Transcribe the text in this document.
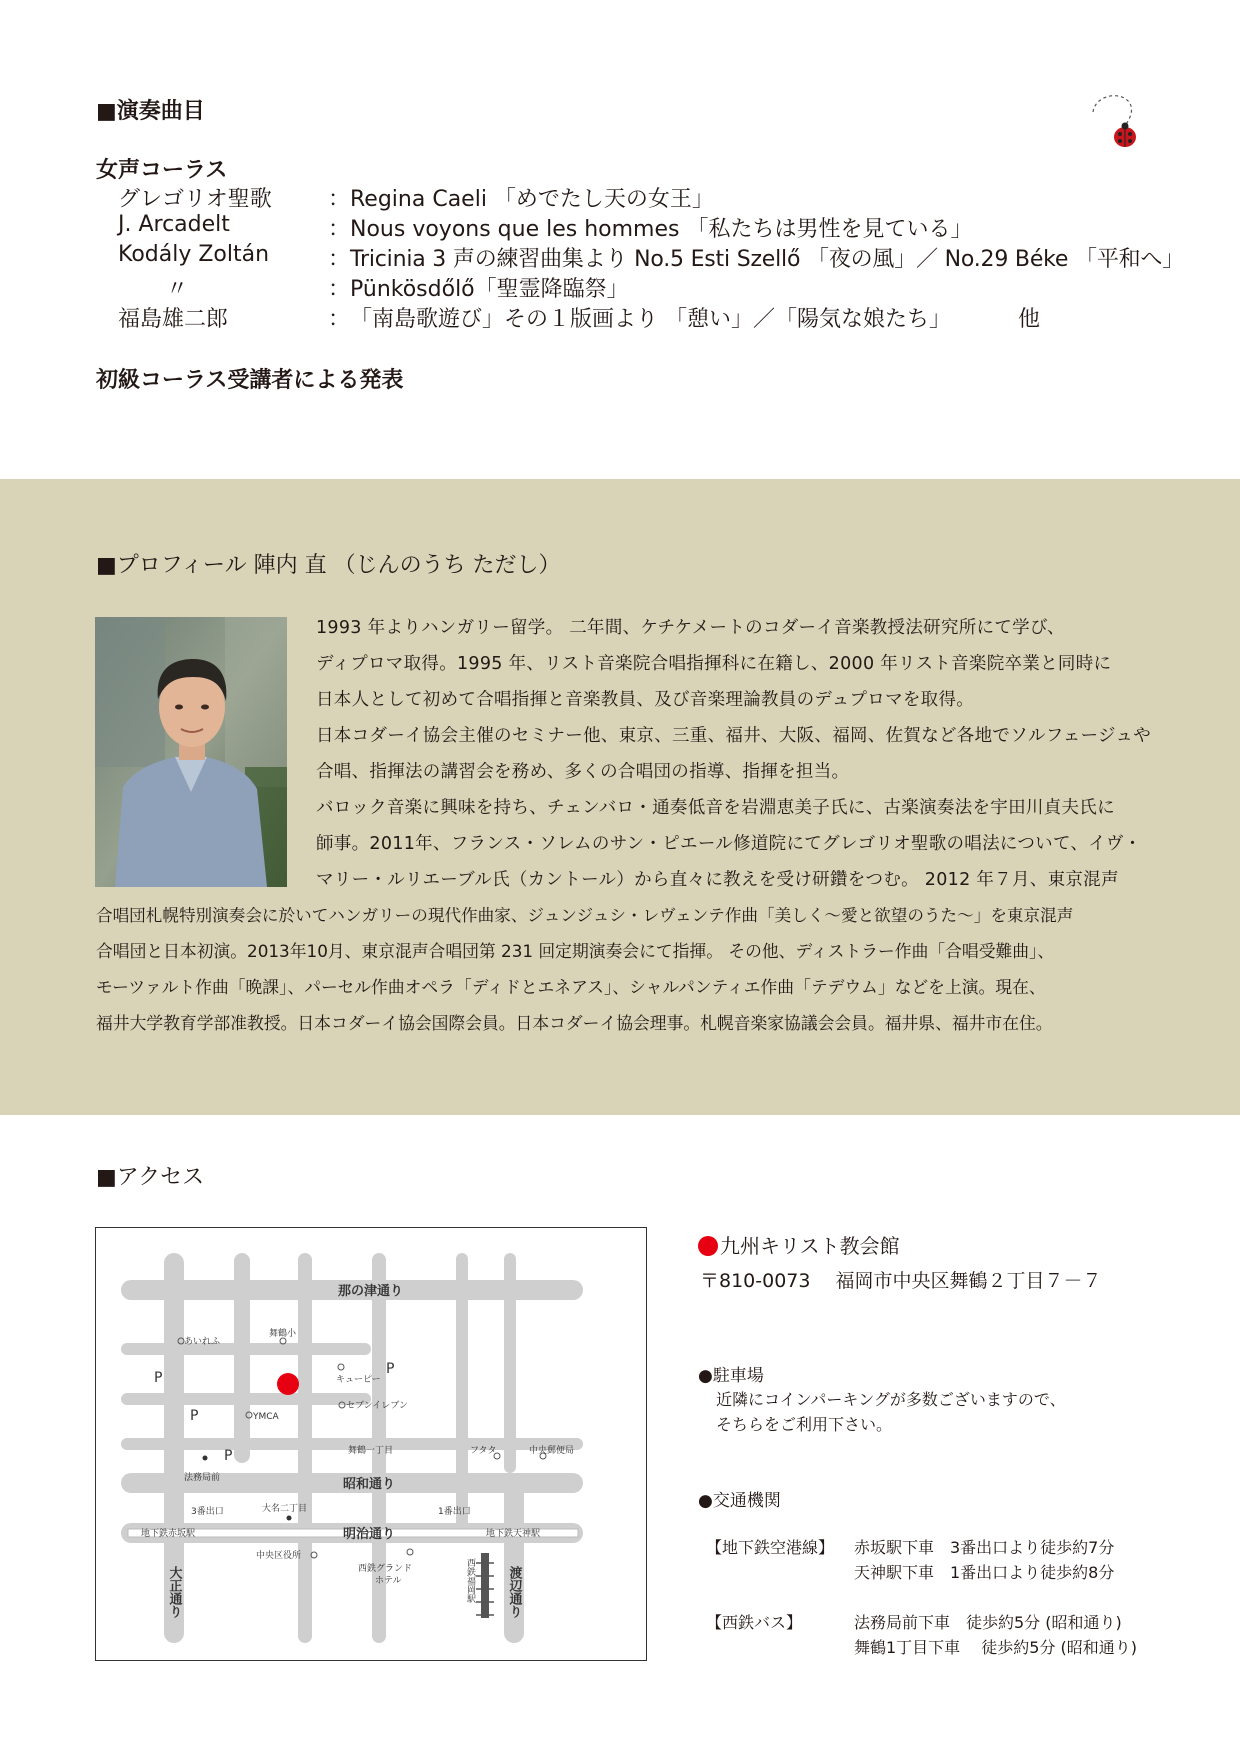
■演奏曲目
女声コーラス
グレゴリオ聖歌	： Regina Caeli 「めでたし天の女王」
J. Arcadelt	： Nous voyons que les hommes 「私たちは男性を見ている」
Kodály Zoltán	： Tricinia 3 声の練習曲集より No.5 Esti Szellő 「夜の風」／ No.29 Béke 「平和へ」
〃	： Pünkösdőlő「聖霊降臨祭」
福島雄二郎	： 「南島歌遊び」その１版画より 「憩い」／「陽気な娘たち」	他
初級コーラス受講者による発表
■プロフィール 陣内 直 （じんのうち ただし）
1993 年よりハンガリー留学。 二年間、ケチケメートのコダーイ音楽教授法研究所にて学び、
ディプロマ取得。1995 年、リスト音楽院合唱指揮科に在籍し、2000 年リスト音楽院卒業と同時に
日本人として初めて合唱指揮と音楽教員、及び音楽理論教員のデュプロマを取得。
日本コダーイ協会主催のセミナー他、東京、三重、福井、大阪、福岡、佐賀など各地でソルフェージュや
合唱、指揮法の講習会を務め、多くの合唱団の指導、指揮を担当。
バロック音楽に興味を持ち、チェンバロ・通奏低音を岩淵恵美子氏に、古楽演奏法を宇田川貞夫氏に
師事。2011年、フランス・ソレムのサン・ピエール修道院にてグレゴリオ聖歌の唱法について、イヴ・
マリー・ルリエーブル氏（カントール）から直々に教えを受け研鑽をつむ。 2012 年７月、東京混声
合唱団札幌特別演奏会に於いてハンガリーの現代作曲家、ジュンジュシ・レヴェンテ作曲「美しく～愛と欲望のうた～」を東京混声
合唱団と日本初演。2013年10月、東京混声合唱団第 231 回定期演奏会にて指揮。 その他、ディストラー作曲「合唱受難曲」、
モーツァルト作曲「晩課」、パーセル作曲オペラ「ディドとエネアス」、シャルパンティエ作曲「テデウム」などを上演。現在、
福井大学教育学部准教授。日本コダーイ協会国際会員。日本コダーイ協会理事。札幌音楽家協議会会員。福井県、福井市在住。
■アクセス
那の津通り
昭和通り
明治通り
大正通り	渡辺通り
あいれふ
舞鶴小
キューピー
セブンイレブン
YMCA
舞鶴一丁目	フタタ	中央郵便局
法務局前
3番出口	大名二丁目	1番出口
地下鉄赤坂駅	地下鉄天神駅
中央区役所
西鉄グランド
ホテル	西鉄福岡駅
P
P
P
P
九州キリスト教会館
〒810-0073　 福岡市中央区舞鶴２丁目７－７
●駐車場
近隣にコインパーキングが多数ございますので、
そちらをご利用下さい。
●交通機関
【地下鉄空港線】 赤坂駅下車　3番出口より徒歩約7分
天神駅下車　1番出口より徒歩約8分
【西鉄バス】	法務局前下車　徒歩約5分 (昭和通り)
舞鶴1丁目下車　 徒歩約5分 (昭和通り)
